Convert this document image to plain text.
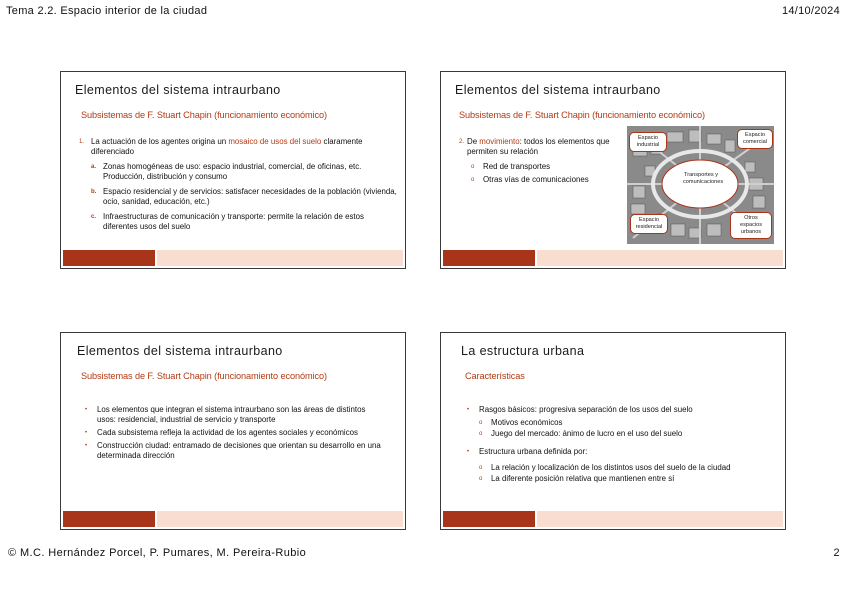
Tema 2.2. Espacio interior de la ciudad	14/10/2024
Elementos del sistema intraurbano
Subsistemas de F. Stuart Chapin (funcionamiento económico)
1. La actuación de los agentes origina un mosaico de usos del suelo claramente diferenciado
a. Zonas homogéneas de uso: espacio industrial, comercial, de oficinas, etc. Producción, distribución y consumo
b. Espacio residencial y de servicios: satisfacer necesidades de la población (vivienda, ocio, sanidad, educación, etc.)
c. Infraestructuras de comunicación y transporte: permite la relación de estos diferentes usos del suelo
Elementos del sistema intraurbano
Subsistemas de F. Stuart Chapin (funcionamiento económico)
2. De movimiento: todos los elementos que permiten su relación
o Red de transportes
o Otras vías de comunicaciones	Transportes y comunicaciones
Espacio industrial
Espacio comercial
Espacio residencial
Otros espacios urbanos
Elementos del sistema intraurbano
Subsistemas de F. Stuart Chapin (funcionamiento económico)
• Los elementos que integran el sistema intraurbano son las áreas de distintos usos: residencial, industrial de servicio y transporte
• Cada subsistema refleja la actividad de los agentes sociales y económicos
• Construcción ciudad: entramado de decisiones que orientan su desarrollo en una determinada dirección
La estructura urbana
Características
• Rasgos básicos: progresiva separación de los usos del suelo
o Motivos económicos
o Juego del mercado: ánimo de lucro en el uso del suelo
• Estructura urbana definida por:
o La relación y localización de los distintos usos del suelo de la ciudad
o La diferente posición relativa que mantienen entre sí
© M.C. Hernández Porcel, P. Pumares, M. Pereira-Rubio	2
